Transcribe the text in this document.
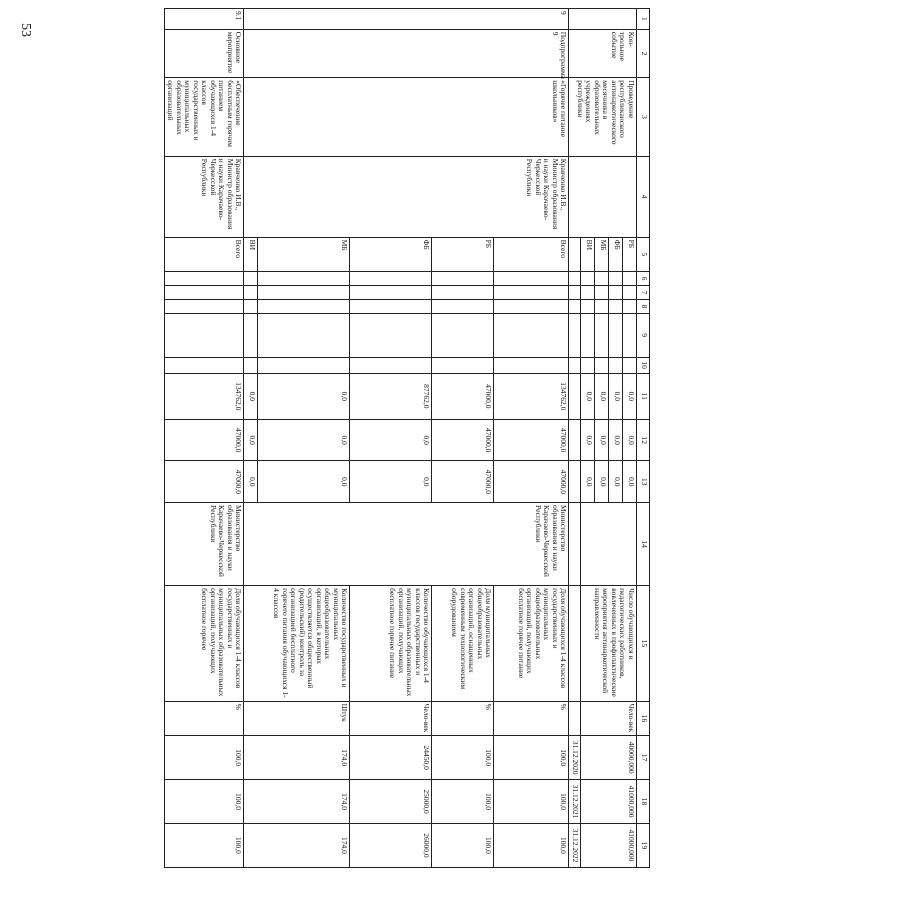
53
1	2	3	4	5	6	7	8	9	10	11	12	13	14	15	16	17	18	19
	Кон-трольное событие	Проведение республиканского антинаркотического месячника в образовательных учреждениях республики		РБ						0,0	0,0	0,0		Число обучающихся и педагогических работников, вовлеченных в профилактические мероприятия антинаркотической направленности	Чело-век	40000,000	41000,000	41000,000
				ФБ						0,0	0,0	0,0						
				МБ						0,0	0,0	0,0						
				ВИ						0,0	0,0	0,0						
																31.12.2020	31.12.2021	31.12.2022
9	Подпрограмма 9	«Горячее питание школьников»	Кравченко И.В., Министр образования и науки Карачаево-Черкесской Республики	Всего						134762,0	47000,0	47000,0	Министерство образования и науки Карачаево-Черкесской Республики	Доля обучающихся 1-4 классов государственных и муниципальных общеобразовательных организаций, получающих бесплатное горячее питание	%	100,0	100,0	100,0
				РБ						47000,0	47000,0	47000,0		Доля муниципальных общеобразовательных организаций, оснащенных современным технологическим оборудованием	%	100,0	100,0	100,0
				ФБ						87762,0	0,0	0,0		Количество обучающихся 1-4 классов государственных и муниципальных образовательных организаций, получающих бесплатное горячее питание	Чело-век	24450,0	25000,0	26000,0
				МБ						0,0	0,0	0,0		Количество государственных и муниципальных общеобразовательных организаций, в которых осуществляется общественный (родительский) контроль за организацией бесплатного горячего питания обучающихся 1-4 классов	Штук	174,0	174,0	174,0
				ВИ						0,0	0,0	0,0						
9.1	Основное мероприятие	«Обеспечение бесплатным горячим питанием обучающихся 1-4 классов государственных и муниципальных образовательных организаций	Кравченко И.В., Министр образования и науки Карачаево-Черкесской Республики	Всего						134762,0	47000,0	47000,0	Министерство образования и науки Карачаево-Черкесской Республики	Доля обучающихся 1-4 классов государственных и муниципальных образовательных организаций, получающих бесплатное горячее	%	100,0	100,0	100,0
